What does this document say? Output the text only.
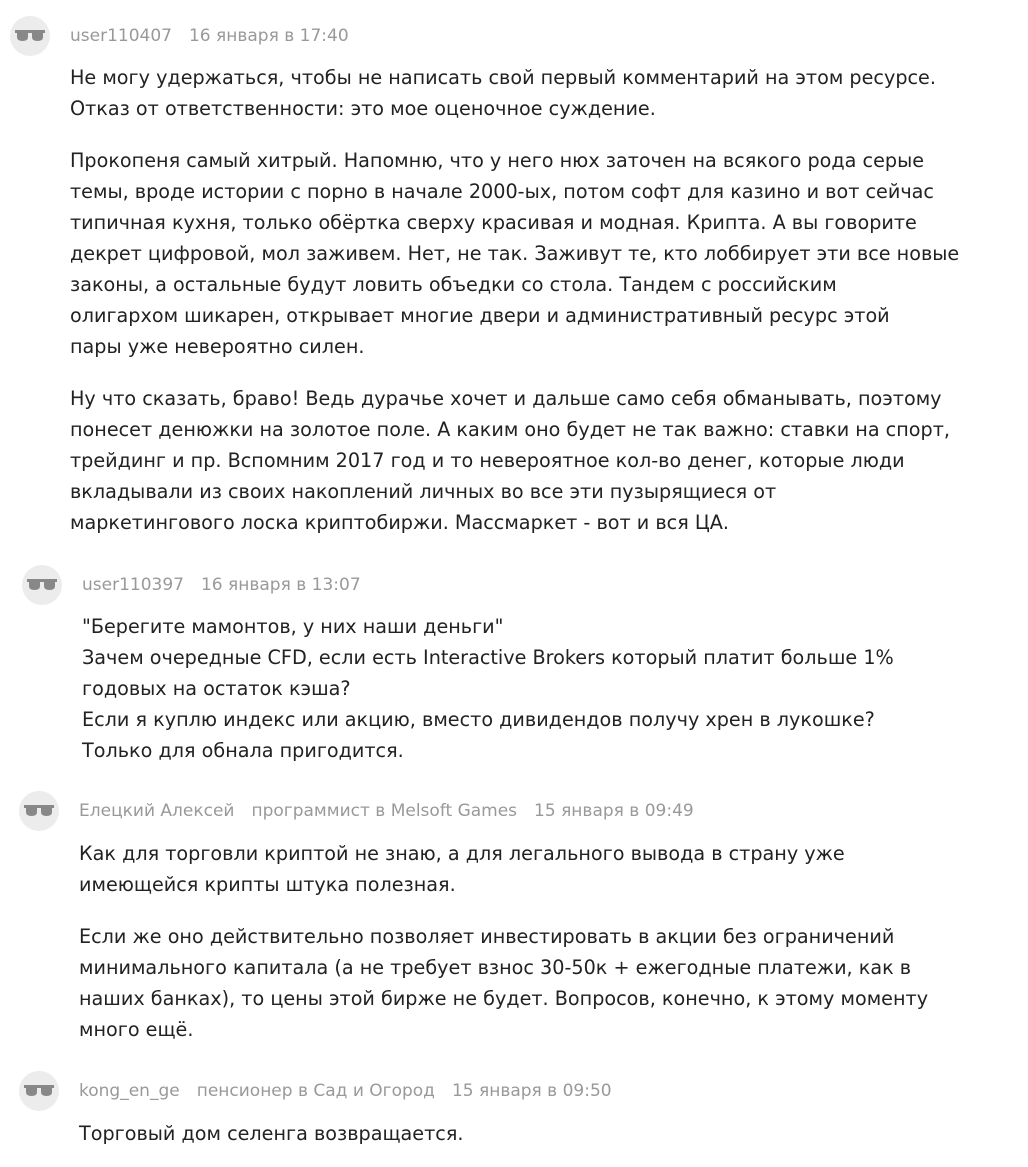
user110407 16 января в 17:40

Не могу удержаться, чтобы не написать свой первый комментарий на этом ресурсе.
Отказ от ответственности: это мое оценочное суждение.

Прокопеня самый хитрый. Напомню, что у него нюх заточен на всякого рода серые
темы, вроде истории с порно в начале 2000-ых, потом софт для казино и вот сейчас
типичная кухня, только обёртка сверху красивая и модная. Крипта. А вы говорите
декрет цифровой, мол заживем. Нет, не так. Заживут те, кто лоббирует эти все новые
законы, а остальные будут ловить объедки со стола. Тандем с российским
олигархом шикарен, открывает многие двери и административный ресурс этой
пары уже невероятно силен.

Ну что сказать, браво! Ведь дурачье хочет и дальше само себя обманывать, поэтому
понесет денюжки на золотое поле. А каким оно будет не так важно: ставки на спорт,
трейдинг и пр. Вспомним 2017 год и то невероятное кол-во денег, которые люди
вкладывали из своих накоплений личных во все эти пузырящиеся от
маркетингового лоска криптобиржи. Массмаркет - вот и вся ЦА.

user110397 16 января в 13:07

"Берегите мамонтов, у них наши деньги"
Зачем очередные CFD, если есть Interactive Brokers который платит больше 1%
годовых на остаток кэша?
Если я куплю индекс или акцию, вместо дивидендов получу хрен в лукошке?
Только для обнала пригодится.

Елецкий Алексей программист в Melsoft Games 15 января в 09:49

Как для торговли криптой не знаю, а для легального вывода в страну уже
имеющейся крипты штука полезная.

Если же оно действительно позволяет инвестировать в акции без ограничений
минимального капитала (а не требует взнос 30-50к + ежегодные платежи, как в
наших банках), то цены этой бирже не будет. Вопросов, конечно, к этому моменту
много ещё.

kong_en_ge пенсионер в Сад и Огород 15 января в 09:50

Торговый дом селенга возвращается.
